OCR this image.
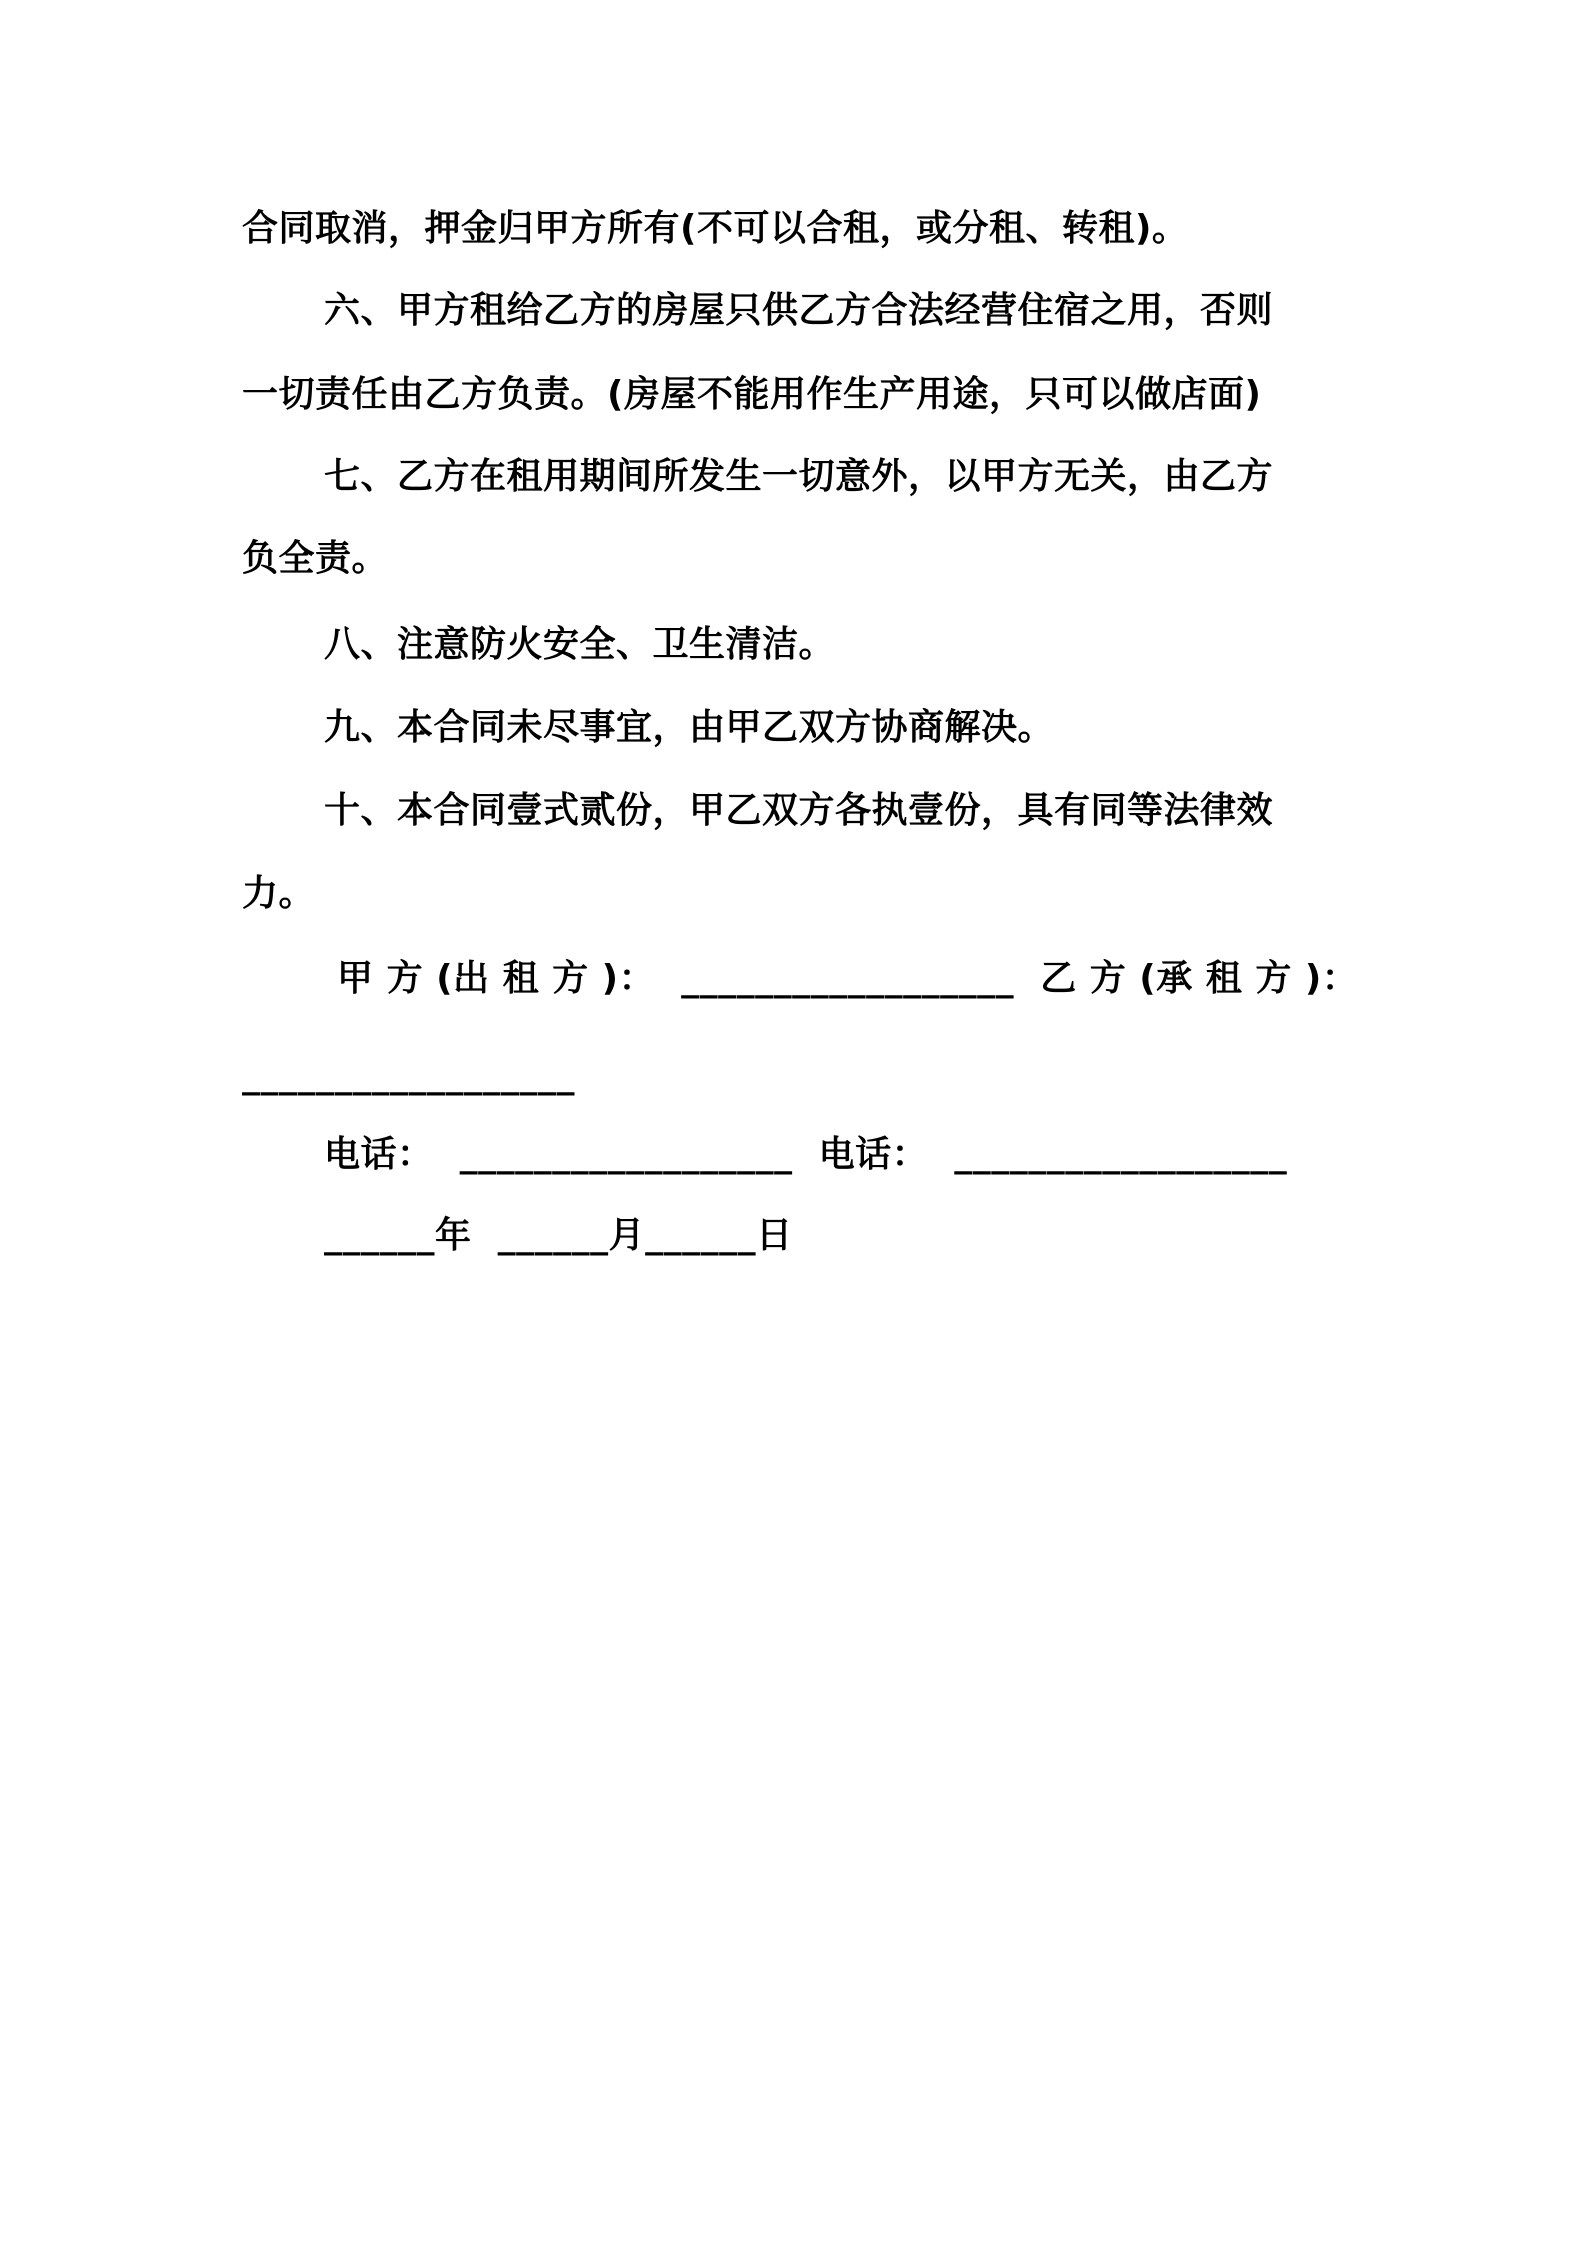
合同取消，押金归甲方所有(不可以合租，或分租、转租)。
六、甲方租给乙方的房屋只供乙方合法经营住宿之用，否则
一切责任由乙方负责。(房屋不能用作生产用途，只可以做店面)
七、乙方在租用期间所发生一切意外，以甲方无关，由乙方
负全责。
八、注意防火安全、卫生清洁。
九、本合同未尽事宜，由甲乙双方协商解决。
十、本合同壹式贰份，甲乙双方各执壹份，具有同等法律效
力。
甲 方 (出 租 方 )：  __________________  乙 方 (承 租 方 )：
__________________
电话：  __________________  电话：  __________________
______年  ______月______日
